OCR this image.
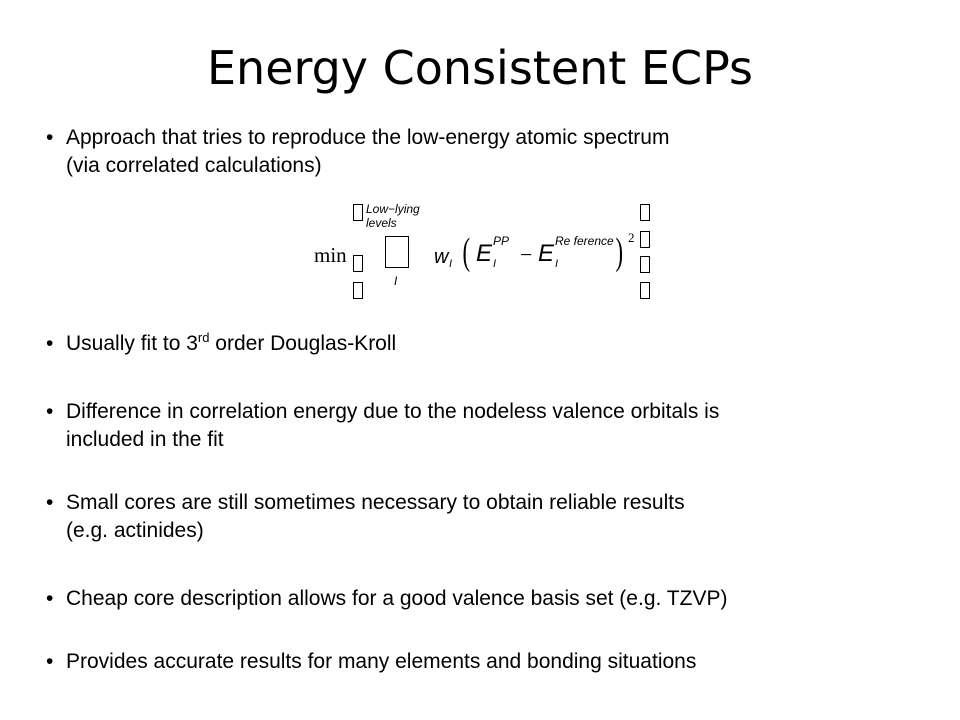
Energy Consistent ECPs
• Approach that tries to reproduce the low-energy atomic spectrum
(via correlated calculations)
min
Low−lying
levels
I
w I ( E PP
I − E Re ference
I ) 2
• Usually fit to 3rd order Douglas-Kroll
• Difference in correlation energy due to the nodeless valence orbitals is
included in the fit
• Small cores are still sometimes necessary to obtain reliable results
(e.g. actinides)
• Cheap core description allows for a good valence basis set (e.g. TZVP)
• Provides accurate results for many elements and bonding situations
